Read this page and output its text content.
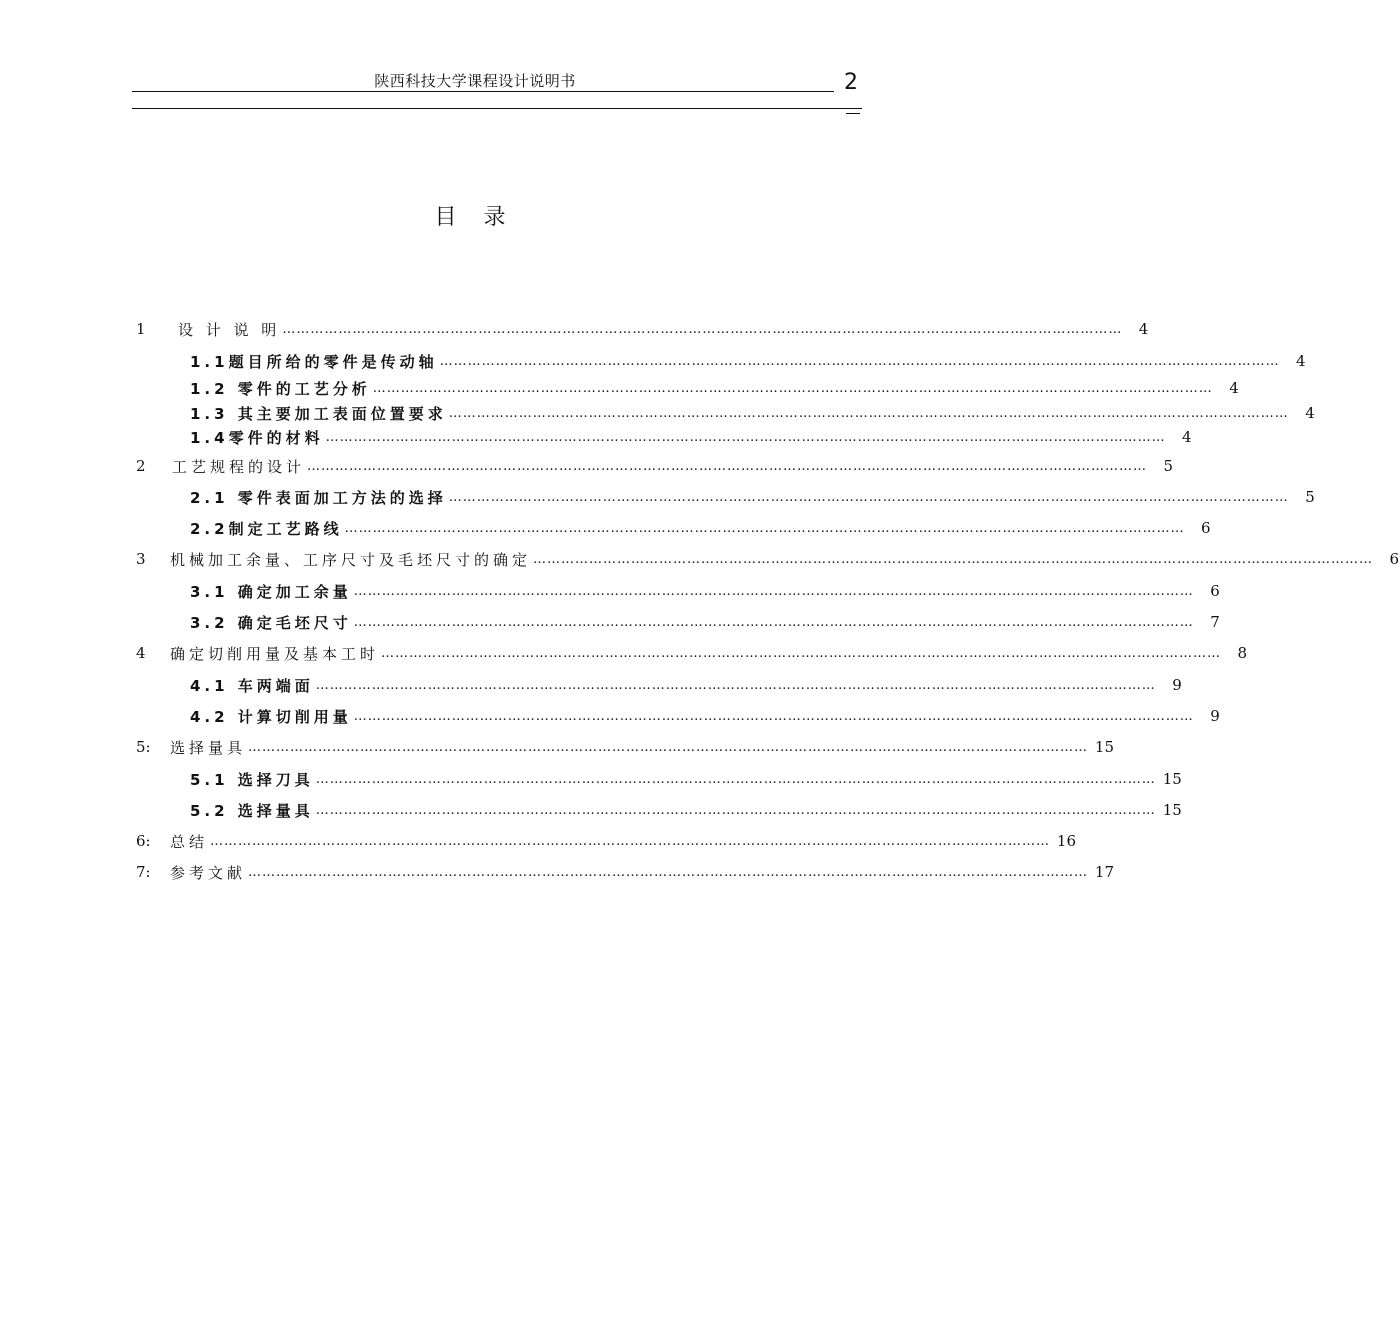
陕西科技大学课程设计说明书	2
目 录
1 设 计 说 明 ………………………………………………………………………………………………………………………………………………………………	4
1.1题目所给的零件是传动轴 ………………………………………………………………………………………………………………………………………………………………	4
1.2 零件的工艺分析 ………………………………………………………………………………………………………………………………………………………………	4
1.3 其主要加工表面位置要求 ………………………………………………………………………………………………………………………………………………………………	4
1.4零件的材料 ………………………………………………………………………………………………………………………………………………………………	4
2 工艺规程的设计 ………………………………………………………………………………………………………………………………………………………………	5
2.1 零件表面加工方法的选择 ………………………………………………………………………………………………………………………………………………………………	5
2.2制定工艺路线 ………………………………………………………………………………………………………………………………………………………………	6
3 机械加工余量、工序尺寸及毛坯尺寸的确定 ………………………………………………………………………………………………………………………………………………………………	6
3.1 确定加工余量 ………………………………………………………………………………………………………………………………………………………………	6
3.2 确定毛坯尺寸 ………………………………………………………………………………………………………………………………………………………………	7
4 确定切削用量及基本工时 ………………………………………………………………………………………………………………………………………………………………	8
4.1 车两端面 ………………………………………………………………………………………………………………………………………………………………	9
4.2 计算切削用量 ………………………………………………………………………………………………………………………………………………………………	9
5: 选择量具 ……………………………………………………………………………………………………………………………………………………………… 15
5.1 选择刀具 ……………………………………………………………………………………………………………………………………………………………… 15
5.2 选择量具 ……………………………………………………………………………………………………………………………………………………………… 15
6: 总结 ……………………………………………………………………………………………………………………………………………………………… 16
7: 参考文献 ……………………………………………………………………………………………………………………………………………………………… 17
